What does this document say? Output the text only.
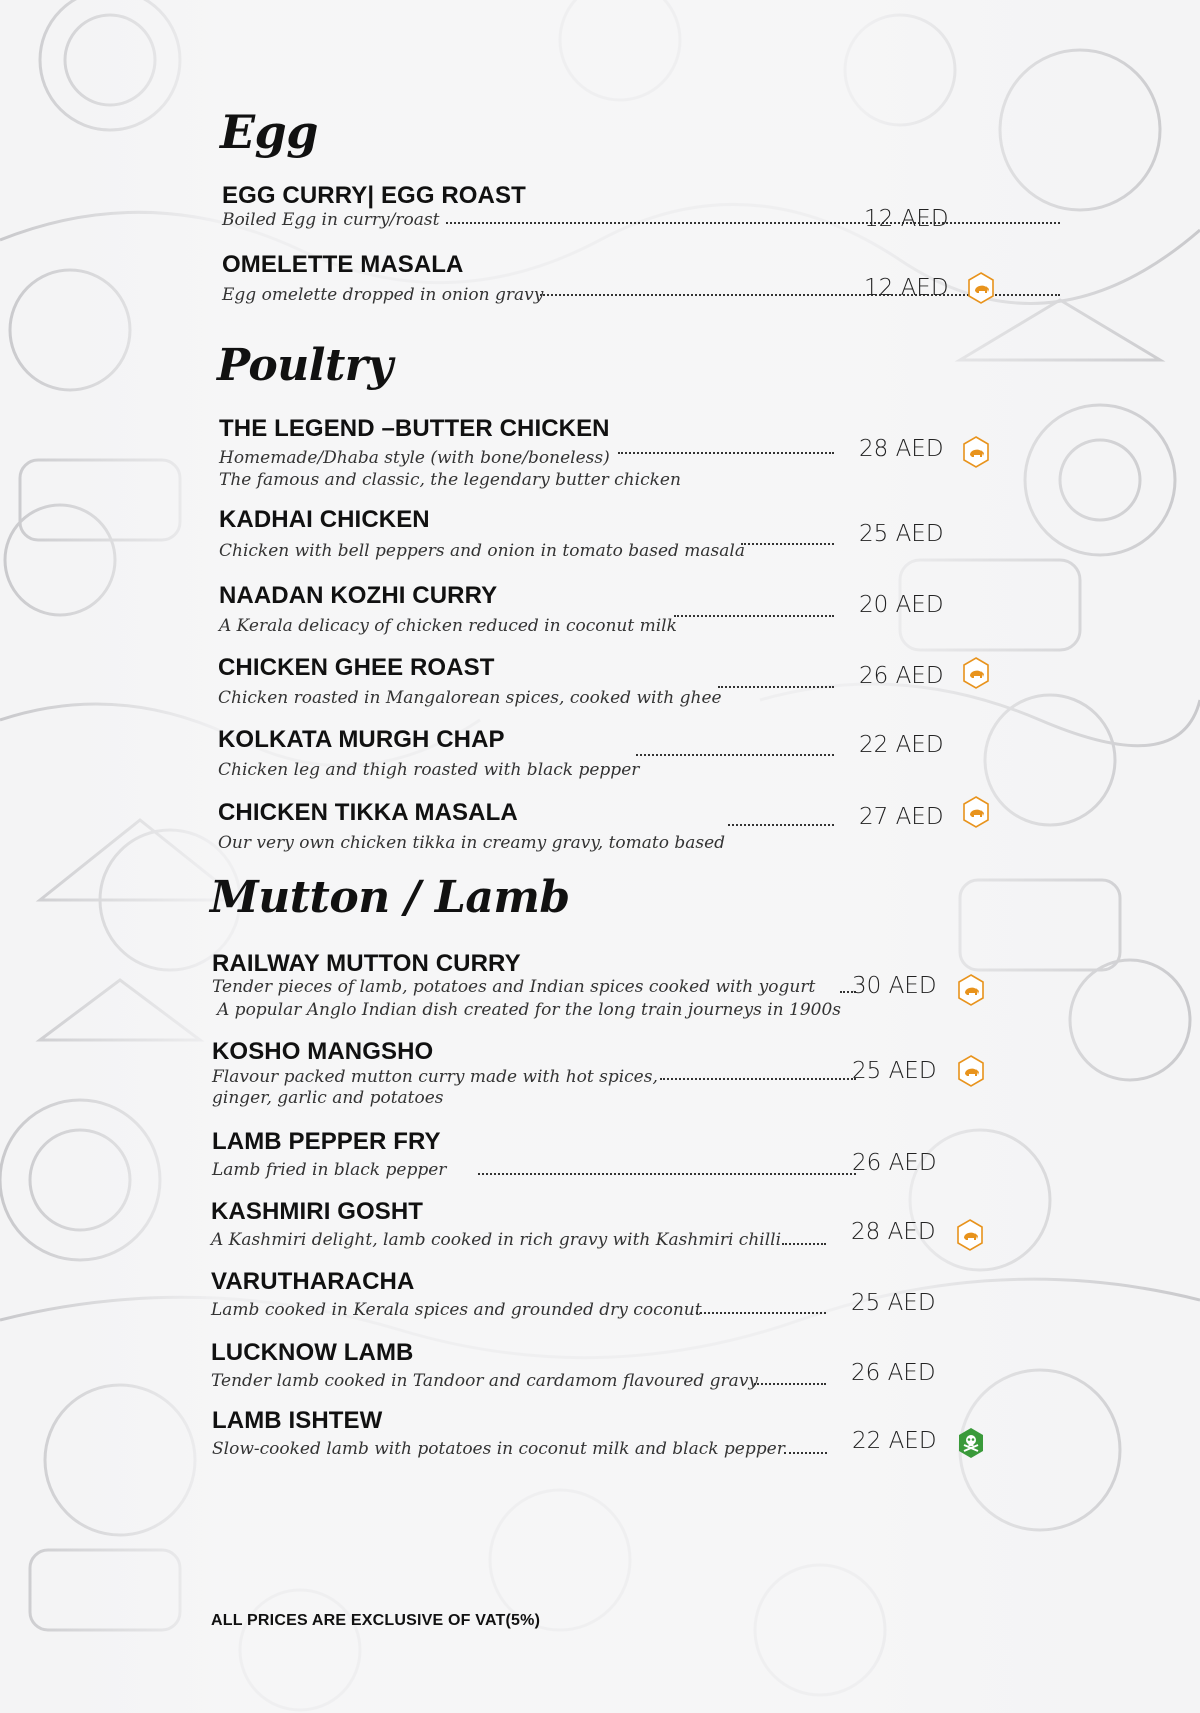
Egg
EGG CURRY| EGG ROAST
Boiled Egg in curry/roast	12 AED
OMELETTE MASALA
Egg omelette dropped in onion gravy	12 AED
Poultry
THE LEGEND –BUTTER CHICKEN
Homemade/Dhaba style (with bone/boneless)
The famous and classic, the legendary butter chicken
28 AED
KADHAI CHICKEN
Chicken with bell peppers and onion in tomato based masala
25 AED
NAADAN KOZHI CURRY
A Kerala delicacy of chicken reduced in coconut milk
20 AED
CHICKEN GHEE ROAST
Chicken roasted in Mangalorean spices, cooked with ghee
26 AED
KOLKATA MURGH CHAP
Chicken leg and thigh roasted with black pepper
22 AED
CHICKEN TIKKA MASALA
Our very own chicken tikka in creamy gravy, tomato based
27 AED
Mutton / Lamb
RAILWAY MUTTON CURRY
Tender pieces of lamb, potatoes and Indian spices cooked with yogurt
A popular Anglo Indian dish created for the long train journeys in 1900s
30 AED
KOSHO MANGSHO
Flavour packed mutton curry made with hot spices,
ginger, garlic and potatoes
25 AED
LAMB PEPPER FRY
Lamb fried in black pepper	26 AED
KASHMIRI GOSHT
A Kashmiri delight, lamb cooked in rich gravy with Kashmiri chilli	28 AED
VARUTHARACHA
Lamb cooked in Kerala spices and grounded dry coconut	25 AED
LUCKNOW LAMB
Tender lamb cooked in Tandoor and cardamom flavoured gravy	26 AED
LAMB ISHTEW
Slow-cooked lamb with potatoes in coconut milk and black pepper	22 AED
ALL PRICES ARE EXCLUSIVE OF VAT(5%)
